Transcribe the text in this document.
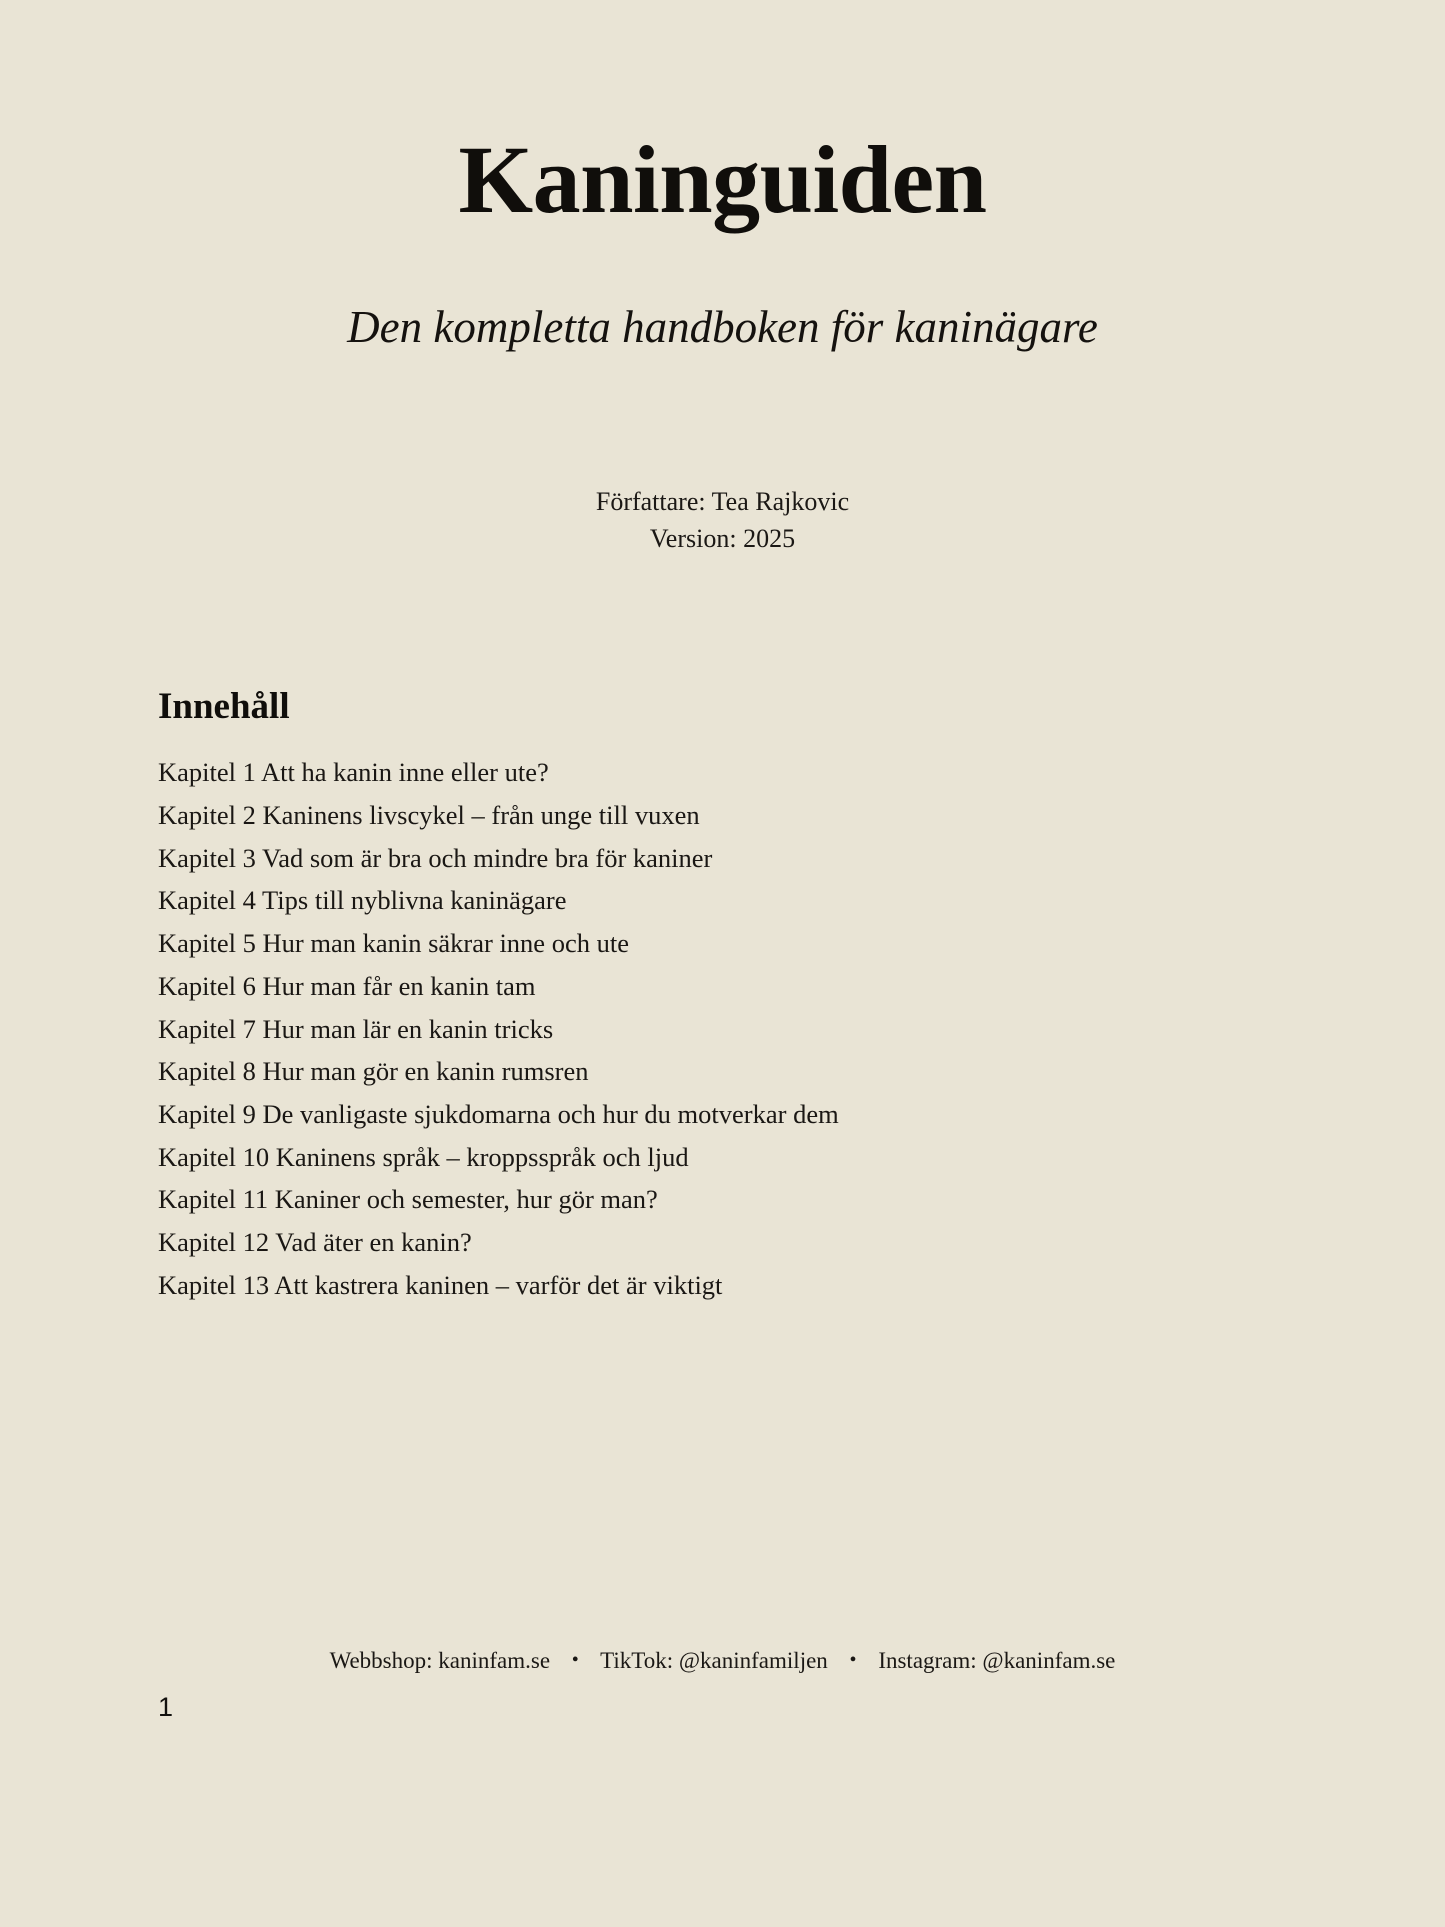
Kaninguiden

Den kompletta handboken för kaninägare

Författare: Tea Rajkovic
Version: 2025
Innehåll
Kapitel 1 Att ha kanin inne eller ute?
Kapitel 2 Kaninens livscykel – från unge till vuxen
Kapitel 3 Vad som är bra och mindre bra för kaniner
Kapitel 4 Tips till nyblivna kaninägare
Kapitel 5 Hur man kanin säkrar inne och ute
Kapitel 6 Hur man får en kanin tam
Kapitel 7 Hur man lär en kanin tricks
Kapitel 8 Hur man gör en kanin rumsren
Kapitel 9 De vanligaste sjukdomarna och hur du motverkar dem
Kapitel 10 Kaninens språk – kroppsspråk och ljud
Kapitel 11 Kaniner och semester, hur gör man?
Kapitel 12 Vad äter en kanin?
Kapitel 13 Att kastrera kaninen – varför det är viktigt
Webbshop: kaninfam.se • TikTok: @kaninfamiljen • Instagram: @kaninfam.se
1
